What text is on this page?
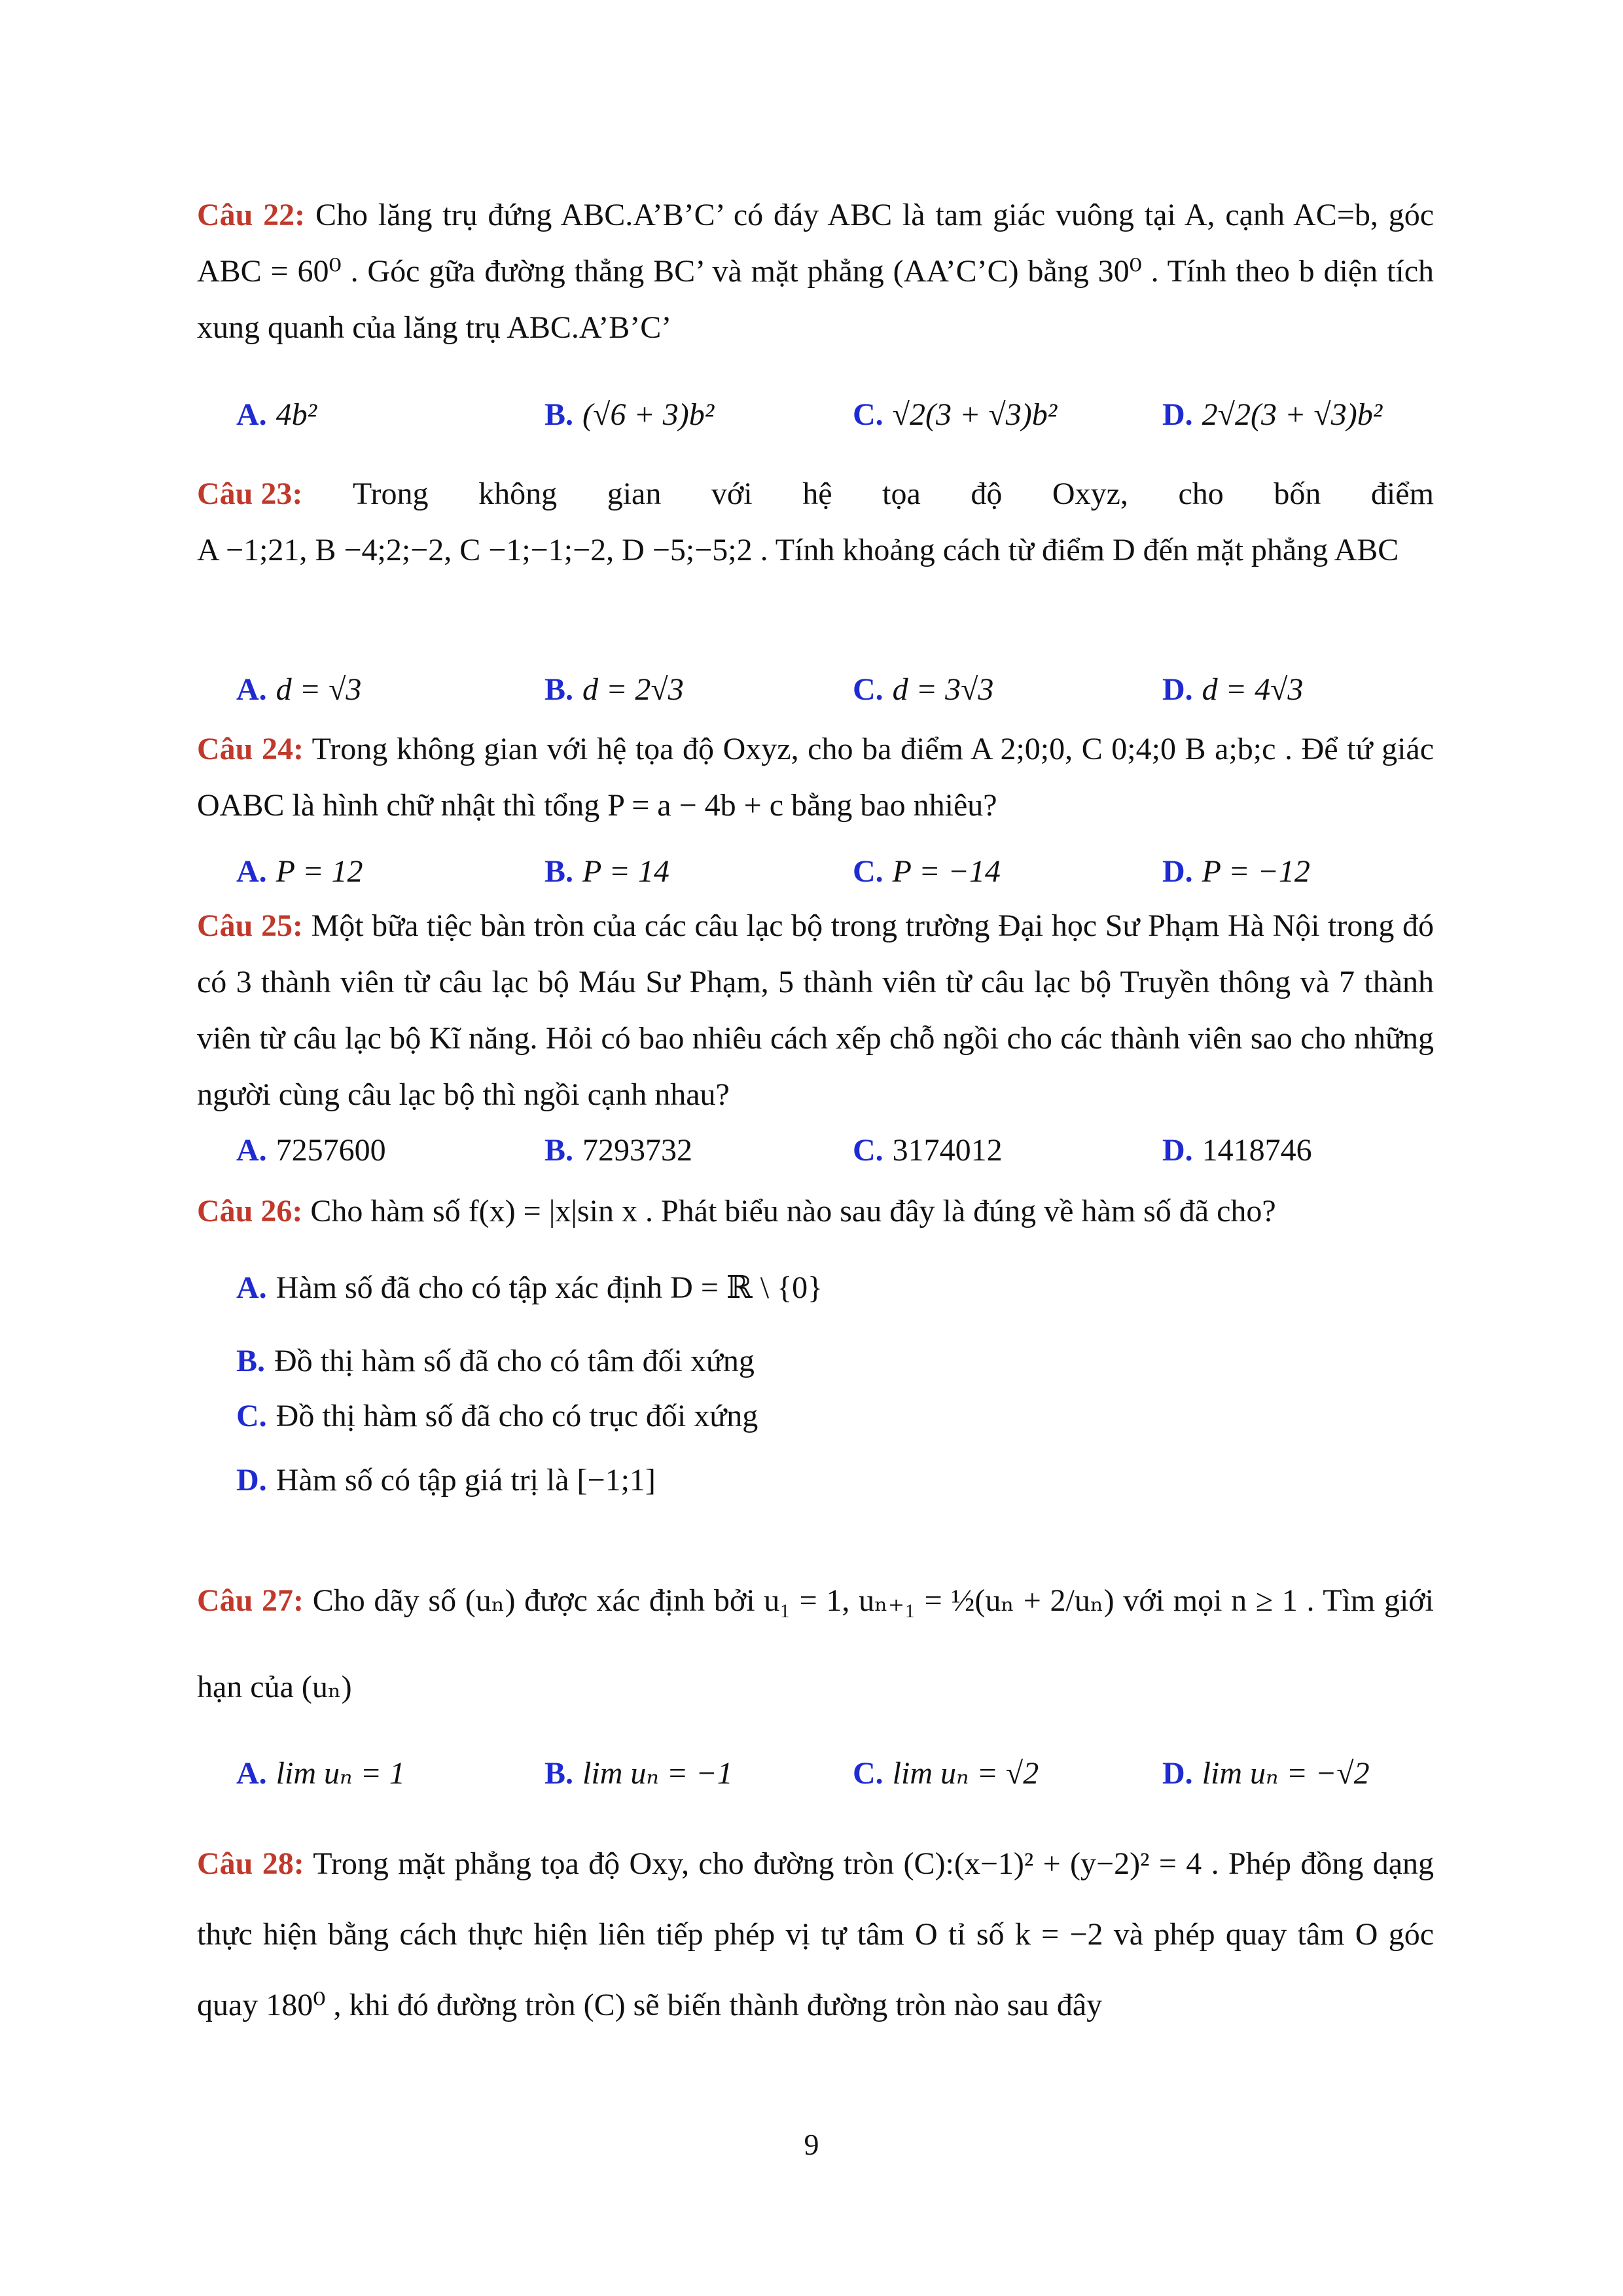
Câu 22: Cho lăng trụ đứng ABC.A’B’C’ có đáy ABC là tam giác vuông tại A, cạnh AC=b, góc ABC = 60⁰ . Góc gữa đường thẳng BC’ và mặt phẳng (AA’C’C) bằng 30⁰ . Tính theo b diện tích xung quanh của lăng trụ ABC.A’B’C’
A. 4b²	B. (√6 + 3)b²	C. √2(3 + √3)b²	D. 2√2(3 + √3)b²
Câu 23: Trong không gian với hệ tọa độ Oxyz, cho bốn điểm
A −1;21, B −4;2;−2, C −1;−1;−2, D −5;−5;2 . Tính khoảng cách từ điểm D đến mặt phẳng ABC
A. d = √3	B. d = 2√3	C. d = 3√3	D. d = 4√3
Câu 24: Trong không gian với hệ tọa độ Oxyz, cho ba điểm A 2;0;0, C 0;4;0 B a;b;c . Để tứ giác OABC là hình chữ nhật thì tổng P = a − 4b + c bằng bao nhiêu?
A. P = 12	B. P = 14	C. P = −14	D. P = −12
Câu 25: Một bữa tiệc bàn tròn của các câu lạc bộ trong trường Đại học Sư Phạm Hà Nội trong đó có 3 thành viên từ câu lạc bộ Máu Sư Phạm, 5 thành viên từ câu lạc bộ Truyền thông và 7 thành viên từ câu lạc bộ Kĩ năng. Hỏi có bao nhiêu cách xếp chỗ ngồi cho các thành viên sao cho những người cùng câu lạc bộ thì ngồi cạnh nhau?
A. 7257600	B. 7293732	C. 3174012	D. 1418746
Câu 26: Cho hàm số f(x) = |x|sin x . Phát biểu nào sau đây là đúng về hàm số đã cho?
A. Hàm số đã cho có tập xác định D = ℝ \ {0}
B. Đồ thị hàm số đã cho có tâm đối xứng
C. Đồ thị hàm số đã cho có trục đối xứng
D. Hàm số có tập giá trị là [−1;1]
Câu 27: Cho dãy số (uₙ) được xác định bởi u₁ = 1, uₙ₊₁ = ½(uₙ + 2/uₙ) với mọi n ≥ 1 . Tìm giới hạn của (uₙ)
A. lim uₙ = 1	B. lim uₙ = −1	C. lim uₙ = √2	D. lim uₙ = −√2
Câu 28: Trong mặt phẳng tọa độ Oxy, cho đường tròn (C):(x−1)² + (y−2)² = 4 . Phép đồng dạng thực hiện bằng cách thực hiện liên tiếp phép vị tự tâm O tỉ số k = −2 và phép quay tâm O góc quay 180⁰ , khi đó đường tròn (C) sẽ biến thành đường tròn nào sau đây
9
